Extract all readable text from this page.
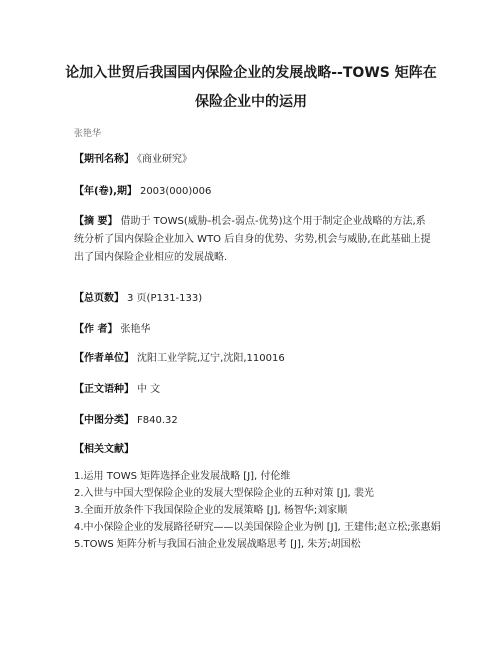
论加入世贸后我国国内保险企业的发展战略--TOWS 矩阵在
保险企业中的运用
张艳华
【期刊名称】 《商业研究》
【年(卷),期】 2003(000)006
【摘 要】 借助于 TOWS(威胁-机会-弱点-优势)这个用于制定企业战略的方法,系统分析了国内保险企业加入 WTO 后自身的优势、劣势,机会与威胁,在此基础上提出了国内保险企业相应的发展战略.
【总页数】 3 页(P131-133)
【作 者】 张艳华
【作者单位】 沈阳工业学院,辽宁,沈阳,110016
【正文语种】 中 文
【中图分类】 F840.32
【相关文献】
1.运用 TOWS 矩阵选择企业发展战略 [J], 付伦维
2.入世与中国大型保险企业的发展大型保险企业的五种对策 [J], 裴光
3.全面开放条件下我国保险企业的发展策略 [J], 杨智华;刘家顺
4.中小保险企业的发展路径研究——以美国保险企业为例 [J], 王建伟;赵立松;张惠娟
5.TOWS 矩阵分析与我国石油企业发展战略思考 [J], 朱芳;胡国松
